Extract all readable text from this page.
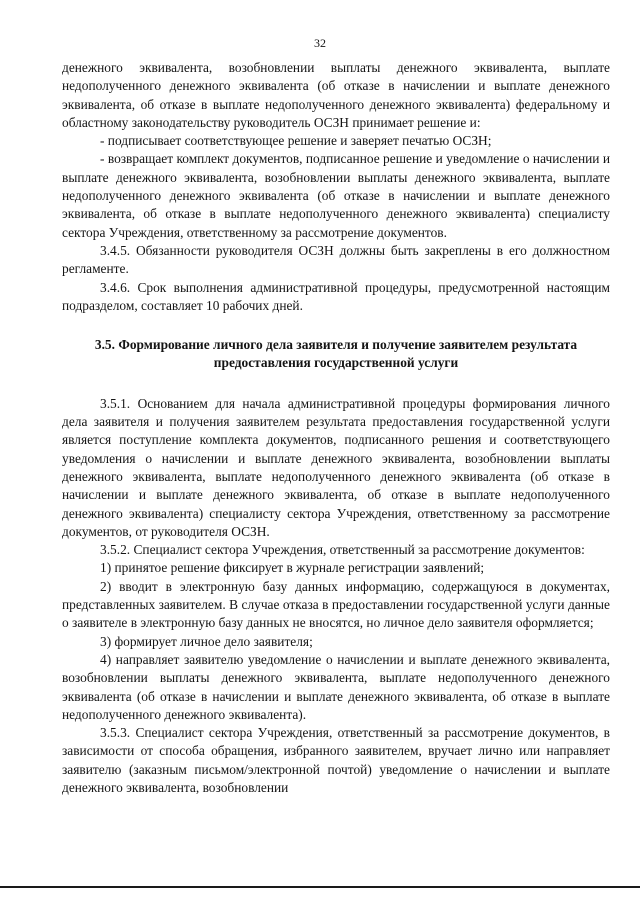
32

денежного эквивалента, возобновлении выплаты денежного эквивалента, выплате недополученного денежного эквивалента (об отказе в начислении и выплате денежного эквивалента, об отказе в выплате недополученного денежного эквивалента) федеральному и областному законодательству руководитель ОСЗН принимает решение и:

- подписывает соответствующее решение и заверяет печатью ОСЗН;

- возвращает комплект документов, подписанное решение и уведомление о начислении и выплате денежного эквивалента, возобновлении выплаты денежного эквивалента, выплате недополученного денежного эквивалента (об отказе в начислении и выплате денежного эквивалента, об отказе в выплате недополученного денежного эквивалента) специалисту сектора Учреждения, ответственному за рассмотрение документов.

3.4.5. Обязанности руководителя ОСЗН должны быть закреплены в его должностном регламенте.

3.4.6. Срок выполнения административной процедуры, предусмотренной настоящим подразделом, составляет 10 рабочих дней.

3.5. Формирование личного дела заявителя и получение заявителем результата предоставления государственной услуги

3.5.1. Основанием для начала административной процедуры формирования личного дела заявителя и получения заявителем результата предоставления государственной услуги является поступление комплекта документов, подписанного решения и соответствующего уведомления о начислении и выплате денежного эквивалента, возобновлении выплаты денежного эквивалента, выплате недополученного денежного эквивалента (об отказе в начислении и выплате денежного эквивалента, об отказе в выплате недополученного денежного эквивалента) специалисту сектора Учреждения, ответственному за рассмотрение документов, от руководителя ОСЗН.

3.5.2. Специалист сектора Учреждения, ответственный за рассмотрение документов:

1) принятое решение фиксирует в журнале регистрации заявлений;

2) вводит в электронную базу данных информацию, содержащуюся в документах, представленных заявителем. В случае отказа в предоставлении государственной услуги данные о заявителе в электронную базу данных не вносятся, но личное дело заявителя оформляется;

3) формирует личное дело заявителя;

4) направляет заявителю уведомление о начислении и выплате денежного эквивалента, возобновлении выплаты денежного эквивалента, выплате недополученного денежного эквивалента (об отказе в начислении и выплате денежного эквивалента, об отказе в выплате недополученного денежного эквивалента).

3.5.3. Специалист сектора Учреждения, ответственный за рассмотрение документов, в зависимости от способа обращения, избранного заявителем, вручает лично или направляет заявителю (заказным письмом/электронной почтой) уведомление о начислении и выплате денежного эквивалента, возобновлении
